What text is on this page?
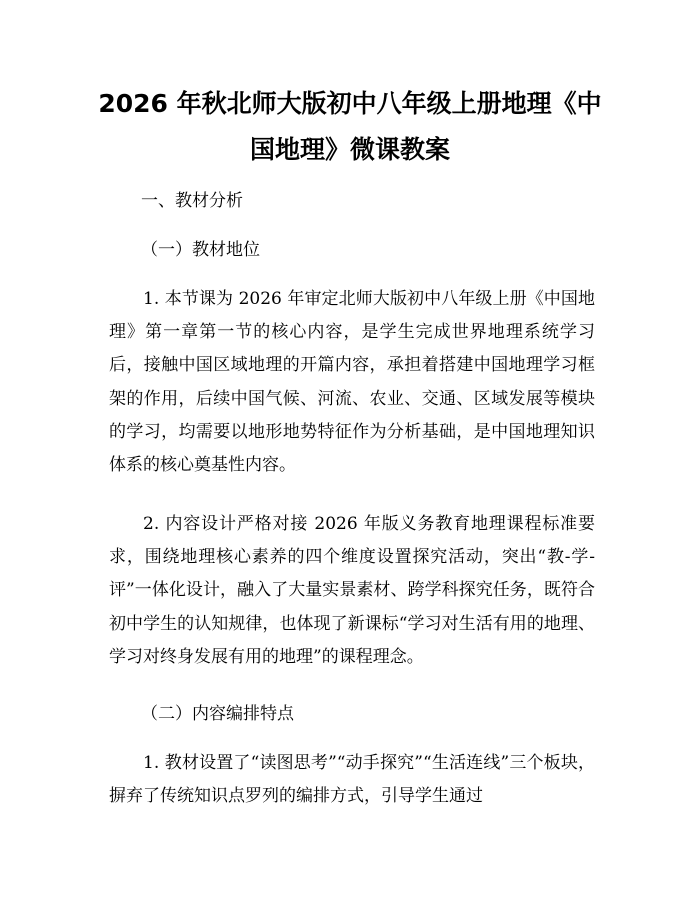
2026 年秋北师大版初中八年级上册地理《中
国地理》微课教案

一、教材分析

（一）教材地位

1. 本节课为 2026 年审定北师大版初中八年级上册《中国地理》第一章第一节的核心内容，是学生完成世界地理系统学习后，接触中国区域地理的开篇内容，承担着搭建中国地理学习框架的作用，后续中国气候、河流、农业、交通、区域发展等模块的学习，均需要以地形地势特征作为分析基础，是中国地理知识体系的核心奠基性内容。

2. 内容设计严格对接 2026 年版义务教育地理课程标准要求，围绕地理核心素养的四个维度设置探究活动，突出“教-学-评”一体化设计，融入了大量实景素材、跨学科探究任务，既符合初中学生的认知规律，也体现了新课标“学习对生活有用的地理、学习对终身发展有用的地理”的课程理念。

（二）内容编排特点

1. 教材设置了“读图思考”“动手探究”“生活连线”三个板块，摒弃了传统知识点罗列的编排方式，引导学生通过
